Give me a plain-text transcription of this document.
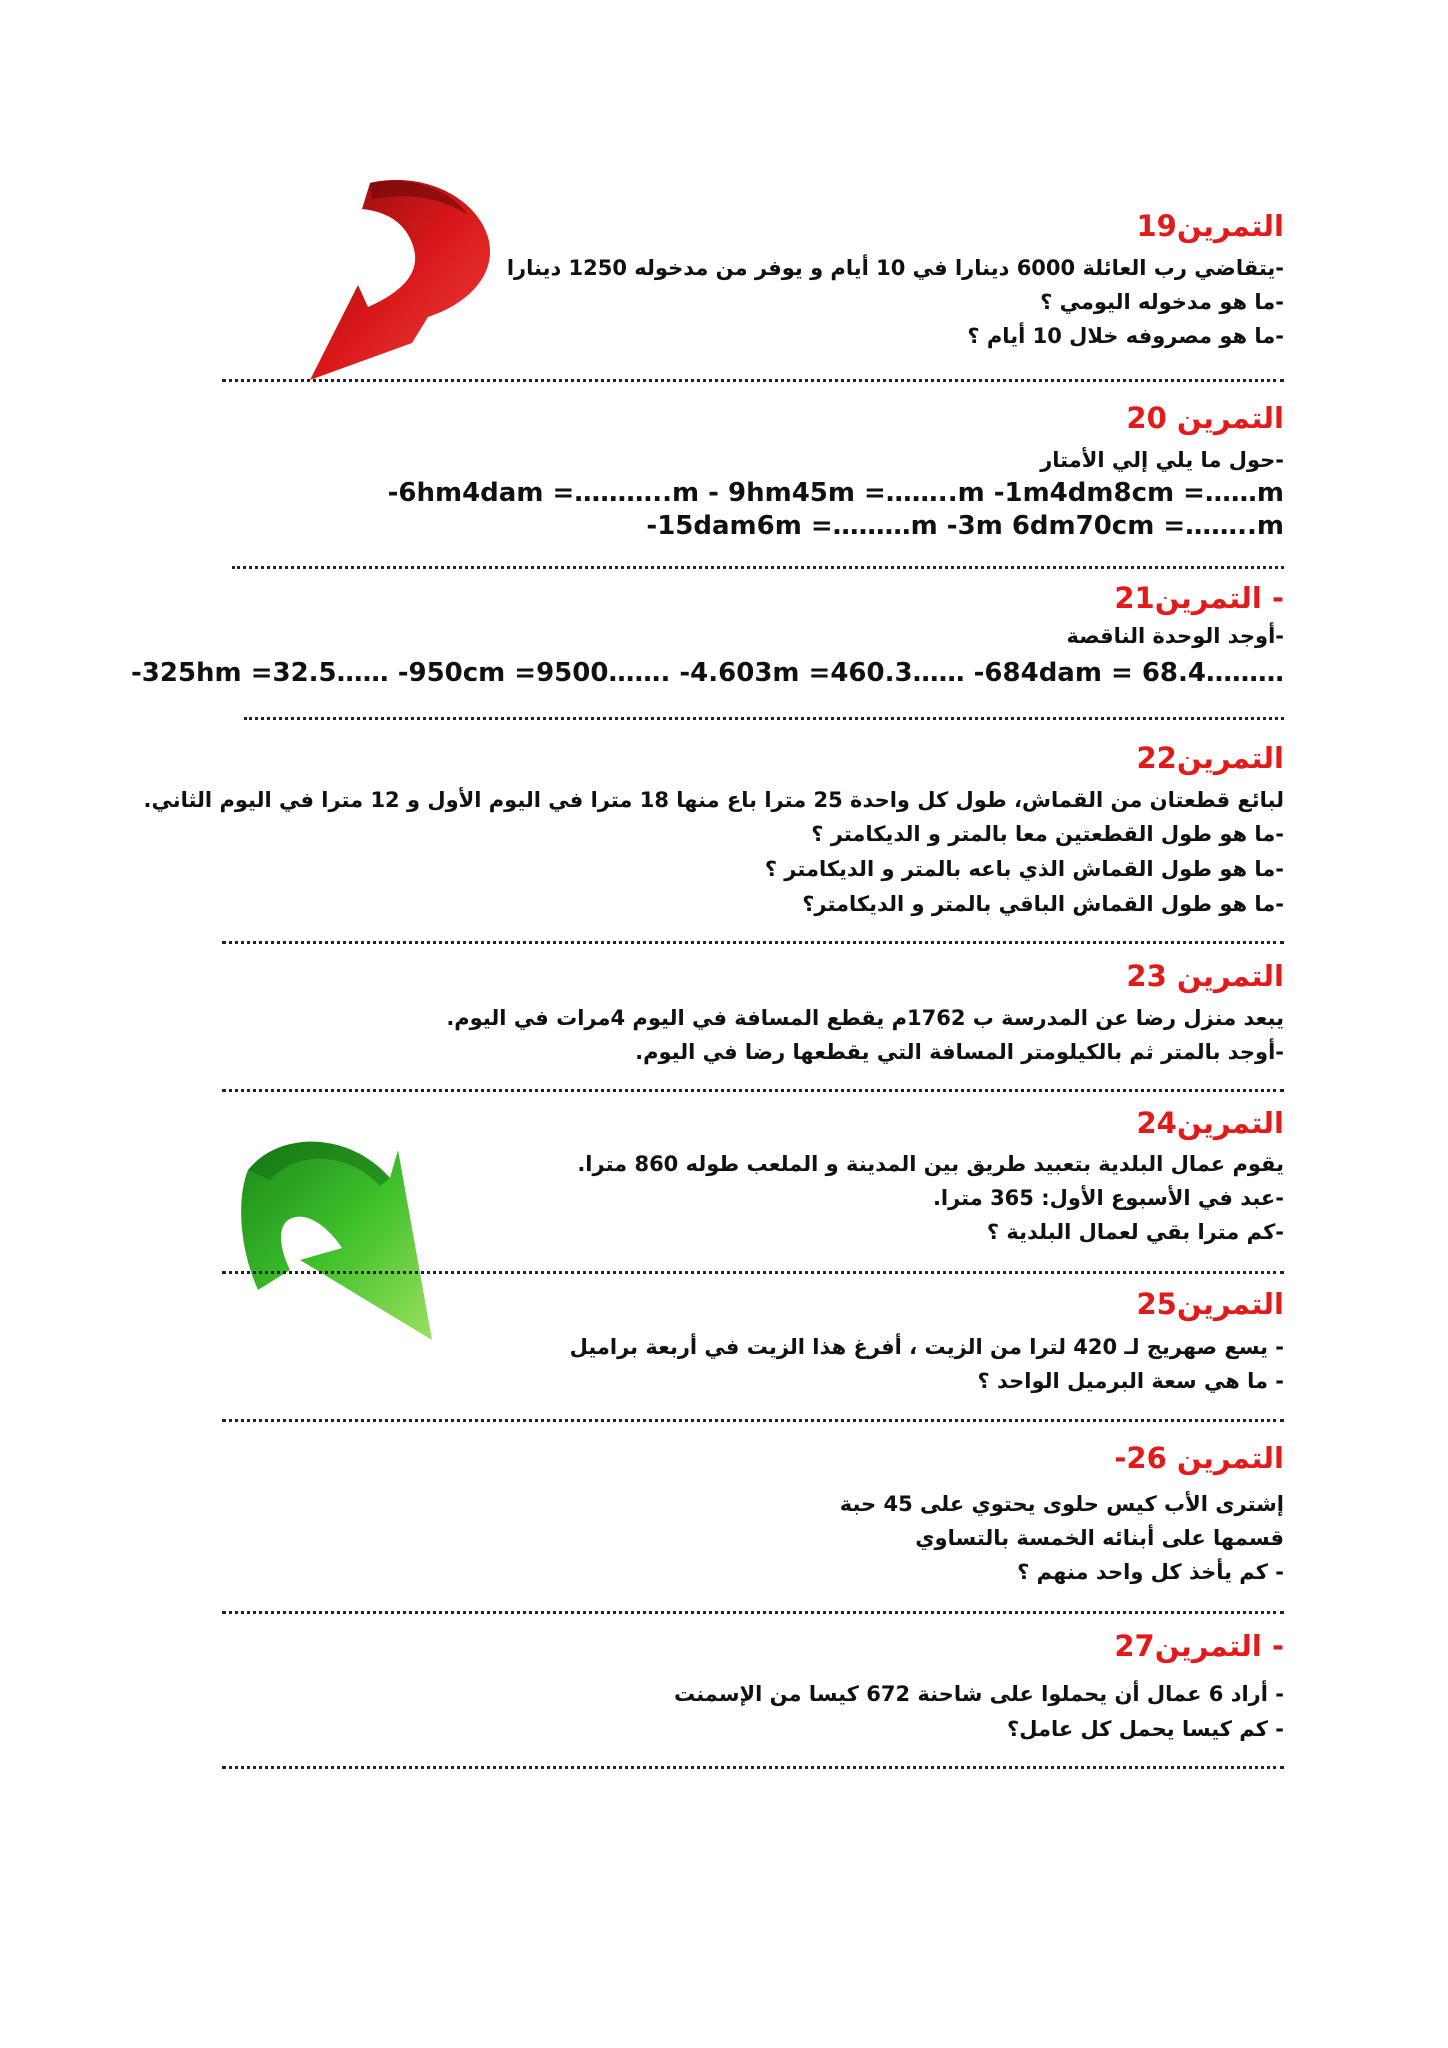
التمرين19
-يتقاضي رب العائلة 6000 دينارا في 10 أيام و يوفر من مدخوله 1250 دينارا
-ما هو مدخوله اليومي ؟
-ما هو مصروفه خلال 10 أيام ؟
التمرين 20
-حول ما يلي إلي الأمتار
-6hm4dam =………..m - 9hm45m =……..m -1m4dm8cm =……m
-15dam6m =………m -3m 6dm70cm =……..m
- التمرين21
-أوجد الوحدة الناقصة
-325hm =32.5…… -950cm =9500……. -4.603m =460.3…… -684dam = 68.4………
التمرين22
لبائع قطعتان من القماش، طول كل واحدة 25 مترا باع منها 18 مترا في اليوم الأول و 12 مترا في اليوم الثاني.
-ما هو طول القطعتين معا بالمتر و الديكامتر ؟
-ما هو طول القماش الذي باعه بالمتر و الديكامتر ؟
-ما هو طول القماش الباقي بالمتر و الديكامتر؟
التمرين 23
يبعد منزل رضا عن المدرسة ب 1762م يقطع المسافة في اليوم 4مرات في اليوم.
-أوجد بالمتر ثم بالكيلومتر المسافة التي يقطعها رضا في اليوم.
التمرين24
يقوم عمال البلدية بتعبيد طريق بين المدينة و الملعب طوله 860 مترا.
-عبد في الأسبوع الأول: 365 مترا.
-كم مترا بقي لعمال البلدية ؟
التمرين25
- يسع صهريج لـ 420 لترا من الزيت ، أفرغ هذا الزيت في أربعة براميل
- ما هي سعة البرميل الواحد ؟
التمرين 26-
إشترى الأب كيس حلوى يحتوي على 45 حبة
قسمها على أبنائه الخمسة بالتساوي
- كم يأخذ كل واحد منهم ؟
- التمرين27
- أراد 6 عمال أن يحملوا على شاحنة 672 كيسا من الإسمنت
- كم كيسا يحمل كل عامل؟
